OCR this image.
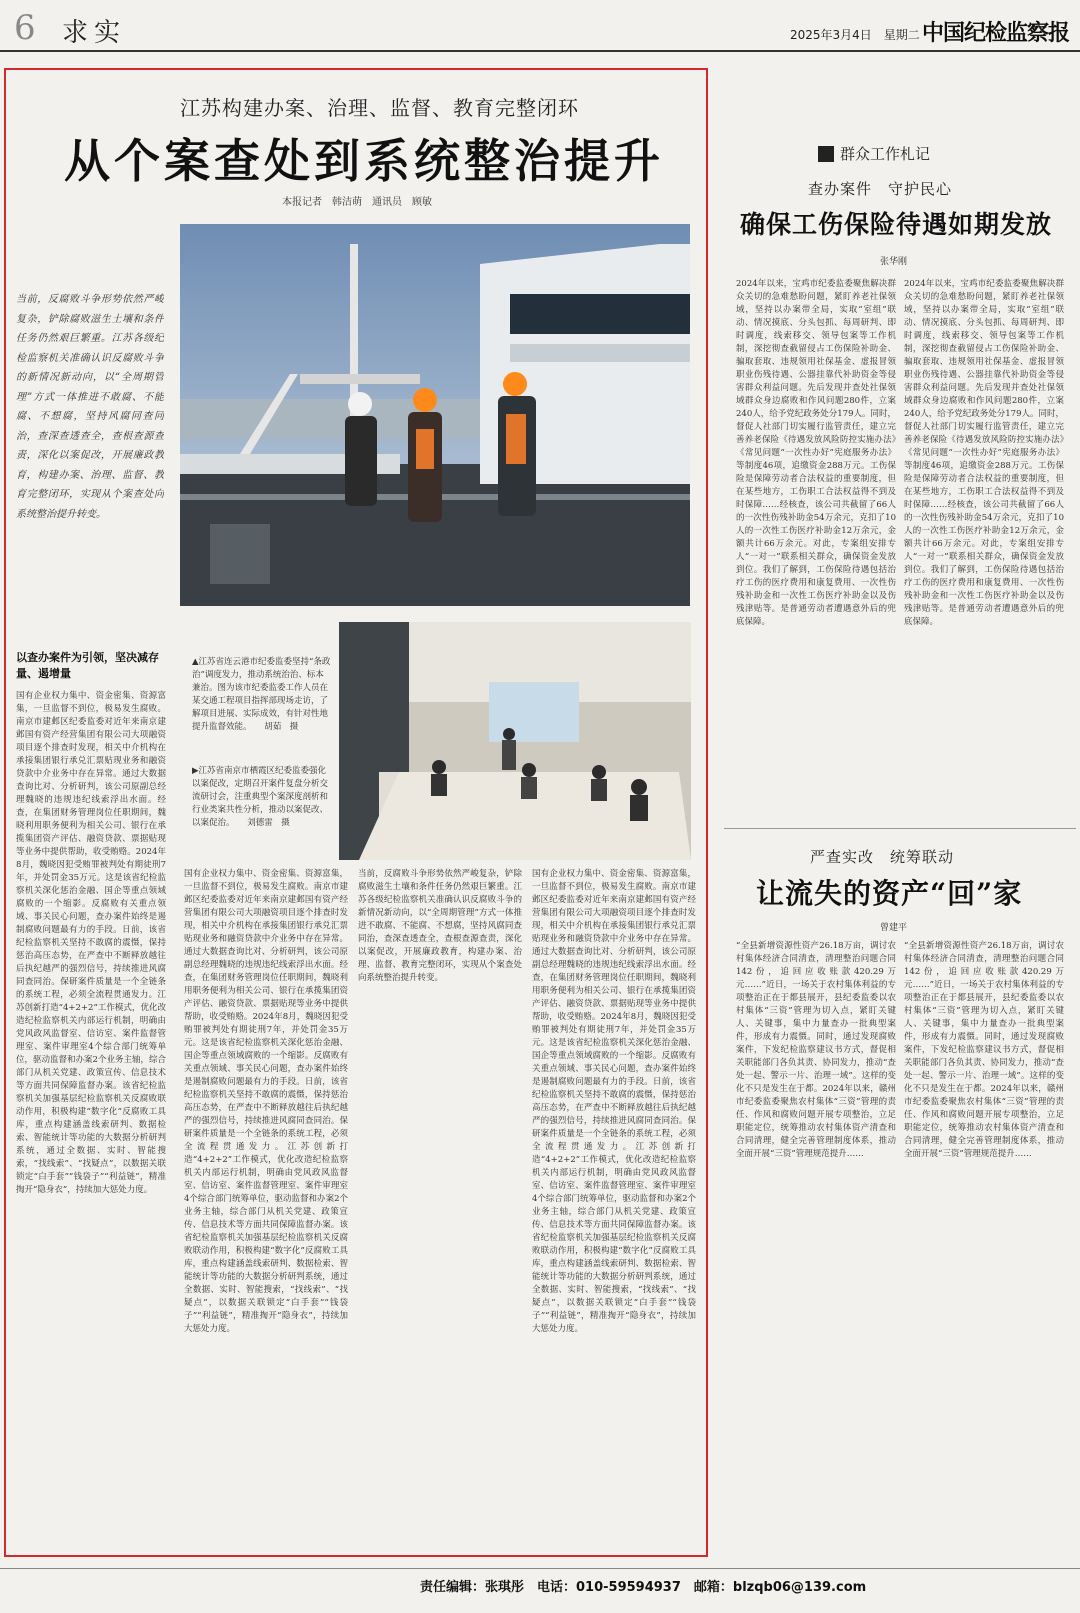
6 求实	2025年3月4日　星期二 中国纪检监察报
江苏构建办案、治理、监督、教育完整闭环
从个案查处到系统整治提升
本报记者　韩洁萌　通讯员　顾敏
当前，反腐败斗争形势依然严峻复杂，铲除腐败滋生土壤和条件任务仍然艰巨繁重。江苏各级纪检监察机关准确认识反腐败斗争的新情况新动向，以“全周期管理”方式一体推进不敢腐、不能腐、不想腐，坚持风腐同查同治，查深查透查全，查根查源查责，深化以案促改，开展廉政教育，构建办案、治理、监督、教育完整闭环，实现从个案查处向系统整治提升转变。
以查办案件为引领，坚决减存量、遏增量
国有企业权力集中、资金密集、资源富集，一旦监督不到位，极易发生腐败。南京市建邺区纪委监委对近年来南京建邺国有资产经营集团有限公司大项融资项目逐个排查时发现，相关中介机构在承接集团银行承兑汇票贴现业务和融资贷款中介业务中存在异常。通过大数据查询比对、分析研判，该公司原副总经理魏晓的违规违纪线索浮出水面。经查，在集团财务管理岗位任职期间，魏晓利用职务便利为相关公司、银行在承揽集团资产评估、融资贷款、票据贴现等业务中提供帮助，收受贿赂。2024年8月，魏晓因犯受贿罪被判处有期徒刑7年，并处罚金35万元。这是该省纪检监察机关深化惩治金融、国企等重点领域腐败的一个缩影。反腐败有关重点领域、事关民心问题，查办案件始终是遏制腐败问题最有力的手段。日前，该省纪检监察机关坚持不敢腐的震慑，保持惩治高压态势，在严查中不断释放越往后执纪越严的强烈信号，持续推进风腐同查同治。保研案件质量是一个全链条的系统工程，必须全流程贯通发力。江苏创新打造“4+2+2”工作模式，优化改造纪检监察机关内部运行机制，明确由党风政风监督室、信访室、案件监督管理室、案件审理室4个综合部门统筹单位，驱动监督和办案2个业务主轴，综合部门从机关党建、政策宣传、信息技术等方面共同保障监督办案。该省纪检监察机关加强基层纪检监察机关反腐败联动作用，积极构建“数字化”反腐败工具库，重点构建涵盖线索研判、数据检索、智能统计等功能的大数据分析研判系统，通过全数据、实时、智能搜索，“找线索”、“找疑点”，以数据关联锁定“白手套”“钱袋子”“利益链”，精准掏开“隐身衣”，持续加大惩处力度。
▲江苏省连云港市纪委监委坚持“条政治”调度发力，推动系统治治、标本兼治。图为该市纪委监委工作人员在某交通工程项目指挥部现场走访，了解项目进展、实际成效，有针对性地提升监督效能。　　胡茹　摄
▶江苏省南京市栖霞区纪委监委强化以案促改，定期召开案件复盘分析交流研讨会，注重典型个案深度剖析和行业类案共性分析，推动以案促改、以案促治。　　刘德雷　摄
国有企业权力集中、资金密集、资源富集，一旦监督不到位，极易发生腐败。南京市建邺区纪委监委对近年来南京建邺国有资产经营集团有限公司大项融资项目逐个排查时发现，相关中介机构在承接集团银行承兑汇票贴现业务和融资贷款中介业务中存在异常。通过大数据查询比对、分析研判，该公司原副总经理魏晓的违规违纪线索浮出水面。经查，在集团财务管理岗位任职期间，魏晓利用职务便利为相关公司、银行在承揽集团资产评估、融资贷款、票据贴现等业务中提供帮助，收受贿赂。2024年8月，魏晓因犯受贿罪被判处有期徒刑7年，并处罚金35万元。这是该省纪检监察机关深化惩治金融、国企等重点领域腐败的一个缩影。反腐败有关重点领域、事关民心问题，查办案件始终是遏制腐败问题最有力的手段。日前，该省纪检监察机关坚持不敢腐的震慑，保持惩治高压态势，在严查中不断释放越往后执纪越严的强烈信号，持续推进风腐同查同治。保研案件质量是一个全链条的系统工程，必须全流程贯通发力。江苏创新打造“4+2+2”工作模式，优化改造纪检监察机关内部运行机制，明确由党风政风监督室、信访室、案件监督管理室、案件审理室4个综合部门统筹单位，驱动监督和办案2个业务主轴，综合部门从机关党建、政策宣传、信息技术等方面共同保障监督办案。该省纪检监察机关加强基层纪检监察机关反腐败联动作用，积极构建“数字化”反腐败工具库，重点构建涵盖线索研判、数据检索、智能统计等功能的大数据分析研判系统，通过全数据、实时、智能搜索，“找线索”、“找疑点”，以数据关联锁定“白手套”“钱袋子”“利益链”，精准掏开“隐身衣”，持续加大惩处力度。
当前，反腐败斗争形势依然严峻复杂，铲除腐败滋生土壤和条件任务仍然艰巨繁重。江苏各级纪检监察机关准确认识反腐败斗争的新情况新动向，以“全周期管理”方式一体推进不敢腐、不能腐、不想腐，坚持风腐同查同治，查深查透查全，查根查源查责，深化以案促改，开展廉政教育，构建办案、治理、监督、教育完整闭环，实现从个案查处向系统整治提升转变。
国有企业权力集中、资金密集、资源富集，一旦监督不到位，极易发生腐败。南京市建邺区纪委监委对近年来南京建邺国有资产经营集团有限公司大项融资项目逐个排查时发现，相关中介机构在承接集团银行承兑汇票贴现业务和融资贷款中介业务中存在异常。通过大数据查询比对、分析研判，该公司原副总经理魏晓的违规违纪线索浮出水面。经查，在集团财务管理岗位任职期间，魏晓利用职务便利为相关公司、银行在承揽集团资产评估、融资贷款、票据贴现等业务中提供帮助，收受贿赂。2024年8月，魏晓因犯受贿罪被判处有期徒刑7年，并处罚金35万元。这是该省纪检监察机关深化惩治金融、国企等重点领域腐败的一个缩影。反腐败有关重点领域、事关民心问题，查办案件始终是遏制腐败问题最有力的手段。日前，该省纪检监察机关坚持不敢腐的震慑，保持惩治高压态势，在严查中不断释放越往后执纪越严的强烈信号，持续推进风腐同查同治。保研案件质量是一个全链条的系统工程，必须全流程贯通发力。江苏创新打造“4+2+2”工作模式，优化改造纪检监察机关内部运行机制，明确由党风政风监督室、信访室、案件监督管理室、案件审理室4个综合部门统筹单位，驱动监督和办案2个业务主轴，综合部门从机关党建、政策宣传、信息技术等方面共同保障监督办案。该省纪检监察机关加强基层纪检监察机关反腐败联动作用，积极构建“数字化”反腐败工具库，重点构建涵盖线索研判、数据检索、智能统计等功能的大数据分析研判系统，通过全数据、实时、智能搜索，“找线索”、“找疑点”，以数据关联锁定“白手套”“钱袋子”“利益链”，精准掏开“隐身衣”，持续加大惩处力度。
群众工作札记
查办案件　守护民心
确保工伤保险待遇如期发放
张华刚
2024年以来，宝鸡市纪委监委聚焦解决群众关切的急难愁盼问题，紧盯养老社保领域，坚持以办案带全局，实取“室组”联动、情况摸底、分头包抓、每周研判、即时调度，线索移交、领导包案等工作机制，深挖彻查截留侵占工伤保险补助金、骗取套取、违规领用社保基金、虚报冒领职业伤残待遇、公器挂靠代补助资金等侵害群众利益问题。先后发现并查处社保领域群众身边腐败和作风问题280件，立案240人，给予党纪政务处分179人。同时，督促人社部门切实履行监管责任，建立完善养老保险《待遇发放风险防控实施办法》《常见问题“一次性办好”宪庭服务办法》等制度46项，追缴资金288万元。工伤保险是保障劳动者合法权益的重要制度，但在某些地方，工伤职工合法权益得不到及时保障……经核查，该公司共截留了66人的一次性伤残补助金54万余元，克扣了10人的一次性工伤医疗补助金12万余元，金额共计66万余元。对此，专案组安排专人“一对一”联系相关群众，确保资金发放到位。我们了解到，工伤保险待遇包括治疗工伤的医疗费用和康复费用、一次性伤残补助金和一次性工伤医疗补助金以及伤残津贴等。是普通劳动者遭遇意外后的兜底保障。
2024年以来，宝鸡市纪委监委聚焦解决群众关切的急难愁盼问题，紧盯养老社保领域，坚持以办案带全局，实取“室组”联动、情况摸底、分头包抓、每周研判、即时调度，线索移交、领导包案等工作机制，深挖彻查截留侵占工伤保险补助金、骗取套取、违规领用社保基金、虚报冒领职业伤残待遇、公器挂靠代补助资金等侵害群众利益问题。先后发现并查处社保领域群众身边腐败和作风问题280件，立案240人，给予党纪政务处分179人。同时，督促人社部门切实履行监管责任，建立完善养老保险《待遇发放风险防控实施办法》《常见问题“一次性办好”宪庭服务办法》等制度46项，追缴资金288万元。工伤保险是保障劳动者合法权益的重要制度，但在某些地方，工伤职工合法权益得不到及时保障……经核查，该公司共截留了66人的一次性伤残补助金54万余元，克扣了10人的一次性工伤医疗补助金12万余元，金额共计66万余元。对此，专案组安排专人“一对一”联系相关群众，确保资金发放到位。我们了解到，工伤保险待遇包括治疗工伤的医疗费用和康复费用、一次性伤残补助金和一次性工伤医疗补助金以及伤残津贴等。是普通劳动者遭遇意外后的兜底保障。
严查实改　统筹联动
让流失的资产“回”家
曾建平
“全县新增资源性资产26.18万亩，调讨农村集体经济合同清查，清理整治问题合同142份，追回应收账款420.29万元……”近日，一场关于农村集体利益的专项整治正在于都县展开，县纪委监委以农村集体“三资”管理为切入点，紧盯关键人、关键事，集中力量查办一批典型案件，形成有力震慑。同时，通过发现腐败案件，下发纪检监察建议书方式，督促相关职能部门各负其责、协同发力，推动“查处一起、警示一片、治理一域”。这样的变化不只是发生在于都。2024年以来，赣州市纪委监委聚焦农村集体“三资”管理的责任、作风和腐败问题开展专项整治，立足职能定位，统筹推动农村集体资产清查和合同清理，健全完善管理制度体系，推动全面开展“三资”管理规范提升……
“全县新增资源性资产26.18万亩，调讨农村集体经济合同清查，清理整治问题合同142份，追回应收账款420.29万元……”近日，一场关于农村集体利益的专项整治正在于都县展开，县纪委监委以农村集体“三资”管理为切入点，紧盯关键人、关键事，集中力量查办一批典型案件，形成有力震慑。同时，通过发现腐败案件，下发纪检监察建议书方式，督促相关职能部门各负其责、协同发力，推动“查处一起、警示一片、治理一域”。这样的变化不只是发生在于都。2024年以来，赣州市纪委监委聚焦农村集体“三资”管理的责任、作风和腐败问题开展专项整治，立足职能定位，统筹推动农村集体资产清查和合同清理，健全完善管理制度体系，推动全面开展“三资”管理规范提升……
责任编辑：张琪彤　电话：010-59594937　邮箱：blzqb06@139.com
